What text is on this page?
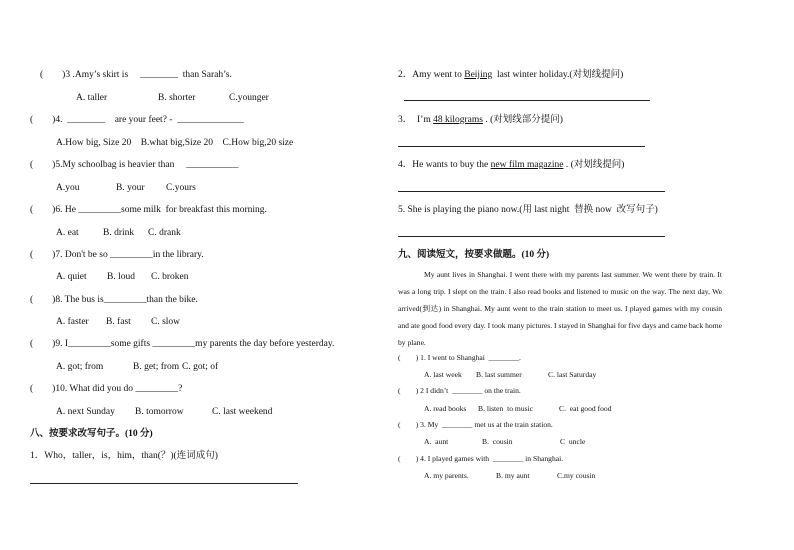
(        )3 .Amy’s skirt is     ________  than Sarah’s.
A. taller	B. shorter	C.younger
(        )4.  ________    are your feet? -  ______________
A.How big, Size 20    B.what big,Size 20    C.How big,20 size
(        )5.My schoolbag is heavier than     ___________
A.you	B. your C.yours
(        )6. He _________some milk  for breakfast this morning.
A. eat	B. drink C. drank
(        )7. Don't be so _________in the library.
A. quiet B. loud C. broken
(        )8. The bus is_________than the bike.
A. faster B. fast C. slow
(        )9. I_________some gifts _________my parents the day before yesterday.
A. got; from	B. get; from C. got; of
(        )10. What did you do _________?
A. next Sunday B. tomorrow	C. last weekend
八、按要求改写句子。(10 分)
1．Who，taller，is，him，than(？)(连词成句)
2．Amy went to Beijing  last winter holiday.(对划线提问)
3．  I’m 48 kilograms . (对划线部分提问)
4．He wants to buy the new film magazine . (对划线提问)
5. She is playing the piano now.(用 last night  替换 now  改写句子)
九、阅读短文，按要求做题。(10 分)
My aunt lives in Shanghai. I went there with my parents last summer. We went there by train. It was a long trip. I slept on the train. I also read books and listened to music on the way. The next day, We arrived(到达) in Shanghai. My aunt went to the train station to meet us. I played games with my cousin and ate good food every day. I took many pictures. I stayed in Shanghai for five days and came back home by plane.
(        ) 1. I went to Shanghai  ________.
A. last week B. last summer	C. last Saturday
(        ) 2 I didn’t  ________ on the train.
A. read books B. listen  to music	C.  eat good food
(        ) 3. My  ________ met us at the train station.
A.  aunt	B.  cousin	C  uncle
(        ) 4. I played games with  ________ in Shanghai.
A. my parents.	B. my aunt	C.my cousin
